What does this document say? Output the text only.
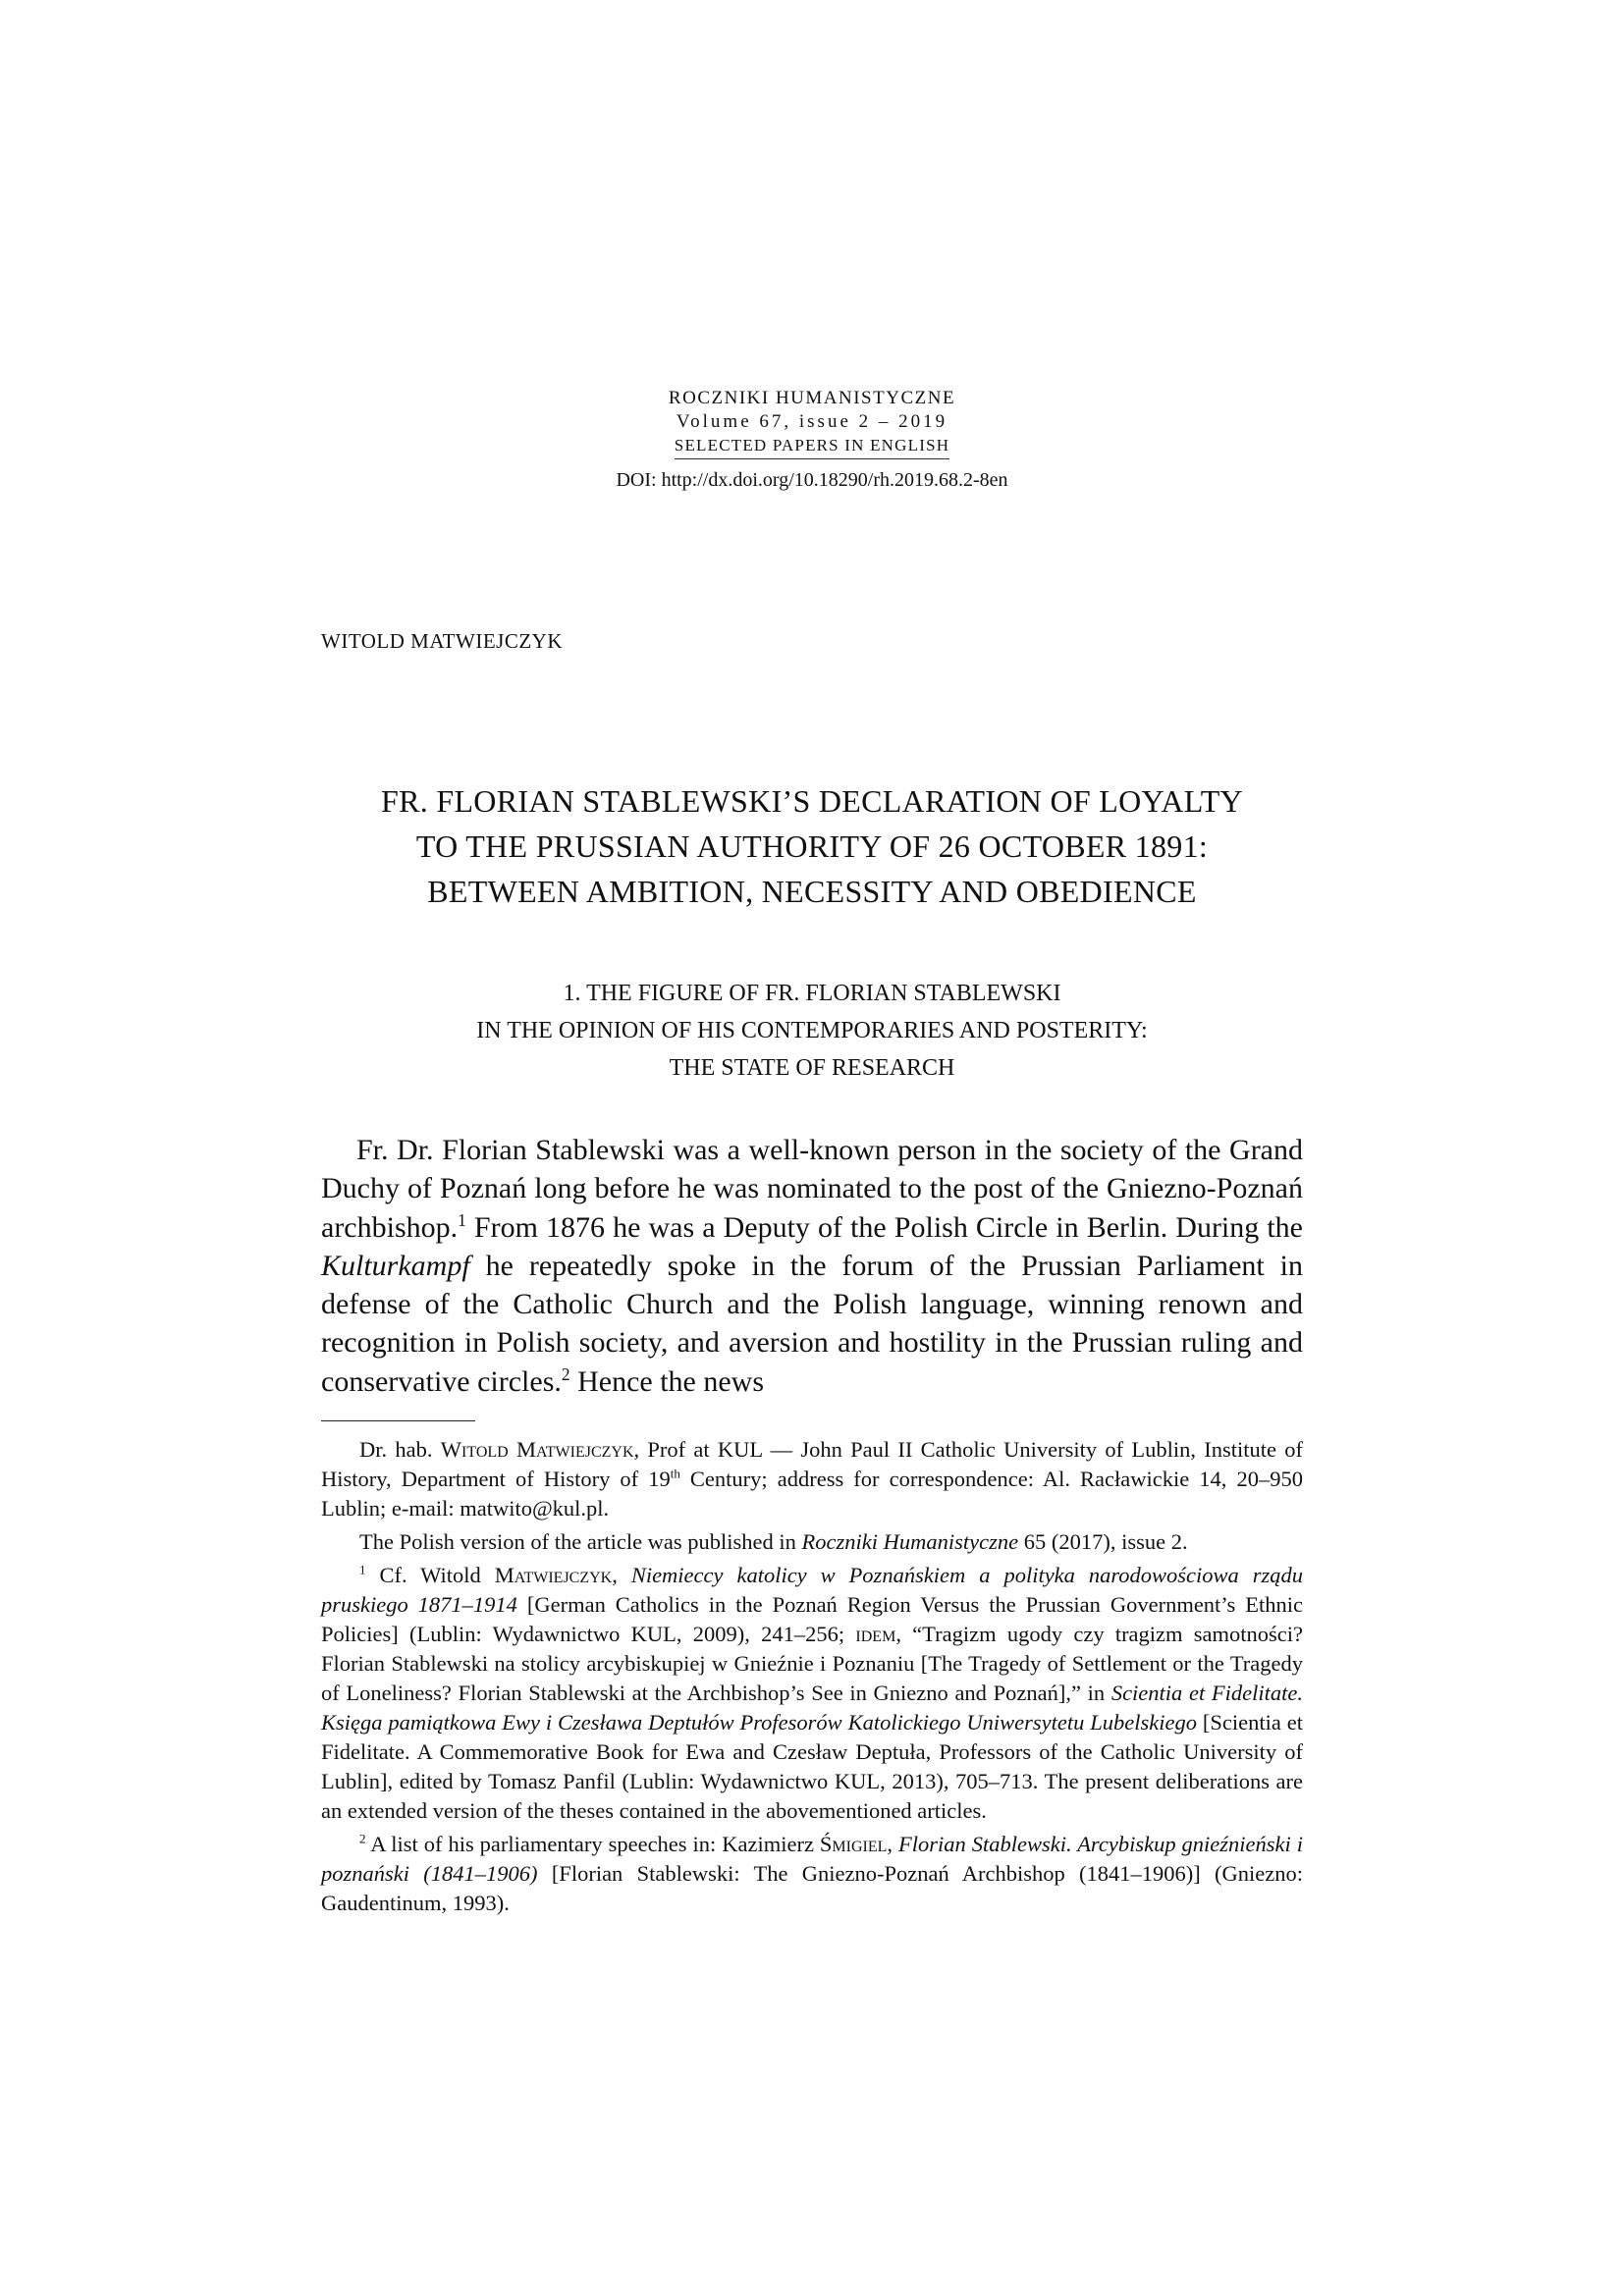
ROCZNIKI HUMANISTYCZNE
Volume 67, issue 2 – 2019
SELECTED PAPERS IN ENGLISH
DOI: http://dx.doi.org/10.18290/rh.2019.68.2-8en
WITOLD MATWIEJCZYK
FR. FLORIAN STABLEWSKI’S DECLARATION OF LOYALTY
TO THE PRUSSIAN AUTHORITY OF 26 OCTOBER 1891:
BETWEEN AMBITION, NECESSITY AND OBEDIENCE
1. THE FIGURE OF FR. FLORIAN STABLEWSKI
IN THE OPINION OF HIS CONTEMPORARIES AND POSTERITY:
THE STATE OF RESEARCH

Fr. Dr. Florian Stablewski was a well-known person in the society of the Grand Duchy of Poznań long before he was nominated to the post of the Gniezno-Poznań archbishop.$^1$ From 1876 he was a Deputy of the Polish Circle in Berlin. During the Kulturkampf he repeatedly spoke in the forum of the Prussian Parliament in defense of the Catholic Church and the Polish language, winning renown and recognition in Polish society, and aversion and hostility in the Prussian ruling and conservative circles.$^2$ Hence the news

Dr. hab. Witold Matwiejczyk, Prof at KUL — John Paul II Catholic University of Lublin, Institute of History, Department of History of 19th Century; address for correspondence: Al. Racławickie 14, 20–950 Lublin; e-mail: matwito@kul.pl.

The Polish version of the article was published in Roczniki Humanistyczne 65 (2017), issue 2.

$^1$ Cf. Witold Matwiejczyk, Niemieccy katolicy w Poznańskiem a polityka narodowościowa rządu pruskiego 1871–1914 [German Catholics in the Poznań Region Versus the Prussian Government’s Ethnic Policies] (Lublin: Wydawnictwo KUL, 2009), 241–256; idem, “Tragizm ugody czy tragizm samotności? Florian Stablewski na stolicy arcybiskupiej w Gnieźnie i Poznaniu [The Tragedy of Settlement or the Tragedy of Loneliness? Florian Stablewski at the Archbishop’s See in Gniezno and Poznań],” in Scientia et Fidelitate. Księga pamiątkowa Ewy i Czesława Deptułów Profesorów Katolickiego Uniwersytetu Lubelskiego [Scientia et Fidelitate. A Commemorative Book for Ewa and Czesław Deptuła, Professors of the Catholic University of Lublin], edited by Tomasz Panfil (Lublin: Wydawnictwo KUL, 2013), 705–713. The present deliberations are an extended version of the theses contained in the abovementioned articles.

$^2$ A list of his parliamentary speeches in: Kazimierz Śmigiel, Florian Stablewski. Arcybiskup gnieźnieński i poznański (1841–1906) [Florian Stablewski: The Gniezno-Poznań Archbishop (1841–1906)] (Gniezno: Gaudentinum, 1993).
